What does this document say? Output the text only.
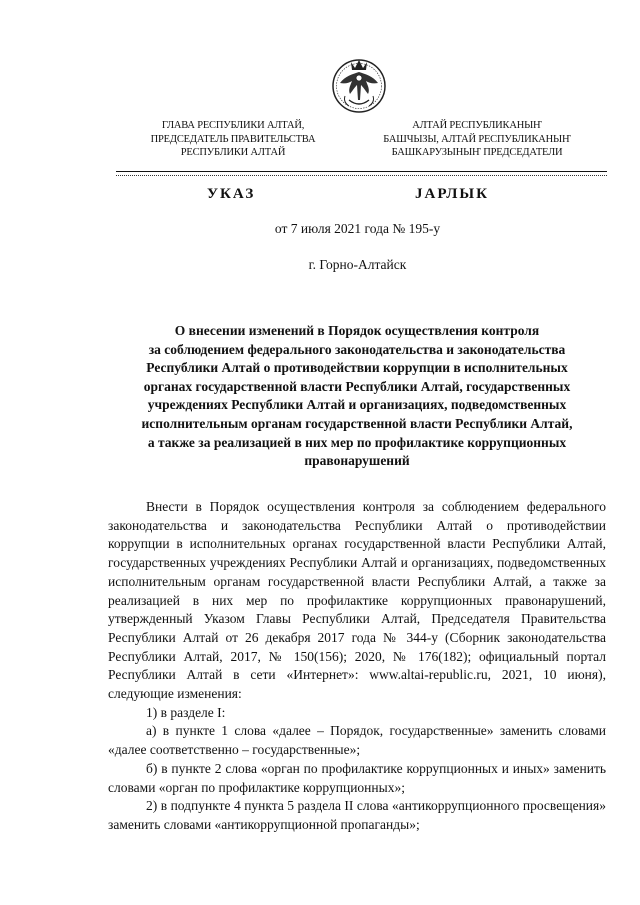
ГЛАВА РЕСПУБЛИКИ АЛТАЙ,
ПРЕДСЕДАТЕЛЬ ПРАВИТЕЛЬСТВА
РЕСПУБЛИКИ АЛТАЙ
АЛТАЙ РЕСПУБЛИКАНЫҤ
БАШЧЫЗЫ, АЛТАЙ РЕСПУБЛИКАНЫҤ
БАШКАРУЗЫНЫҤ ПРЕДСЕДАТЕЛИ
УКАЗ	ЈАРЛЫК
от 7 июля 2021 года № 195-у
г. Горно-Алтайск
О внесении изменений в Порядок осуществления контроля
за соблюдением федерального законодательства и законодательства
Республики Алтай о противодействии коррупции в исполнительных
органах государственной власти Республики Алтай, государственных
учреждениях Республики Алтай и организациях, подведомственных
исполнительным органам государственной власти Республики Алтай,
а также за реализацией в них мер по профилактике коррупционных
правонарушений

Внести в Порядок осуществления контроля за соблюдением федерального законодательства и законодательства Республики Алтай о противодействии коррупции в исполнительных органах государственной власти Республики Алтай, государственных учреждениях Республики Алтай и организациях, подведомственных исполнительным органам государственной власти Республики Алтай, а также за реализацией в них мер по профилактике коррупционных правонарушений, утвержденный Указом Главы Республики Алтай, Председателя Правительства Республики Алтай от 26 декабря 2017 года № 344-у (Сборник законодательства Республики Алтай, 2017, № 150(156); 2020, № 176(182); официальный портал Республики Алтай в сети «Интернет»: www.altai-republic.ru, 2021, 10 июня), следующие изменения:

1) в разделе I:

а) в пункте 1 слова «далее – Порядок, государственные» заменить словами «далее соответственно – государственные»;

б) в пункте 2 слова «орган по профилактике коррупционных и иных» заменить словами «орган по профилактике коррупционных»;

2) в подпункте 4 пункта 5 раздела II слова «антикоррупционного просвещения» заменить словами «антикоррупционной пропаганды»;
